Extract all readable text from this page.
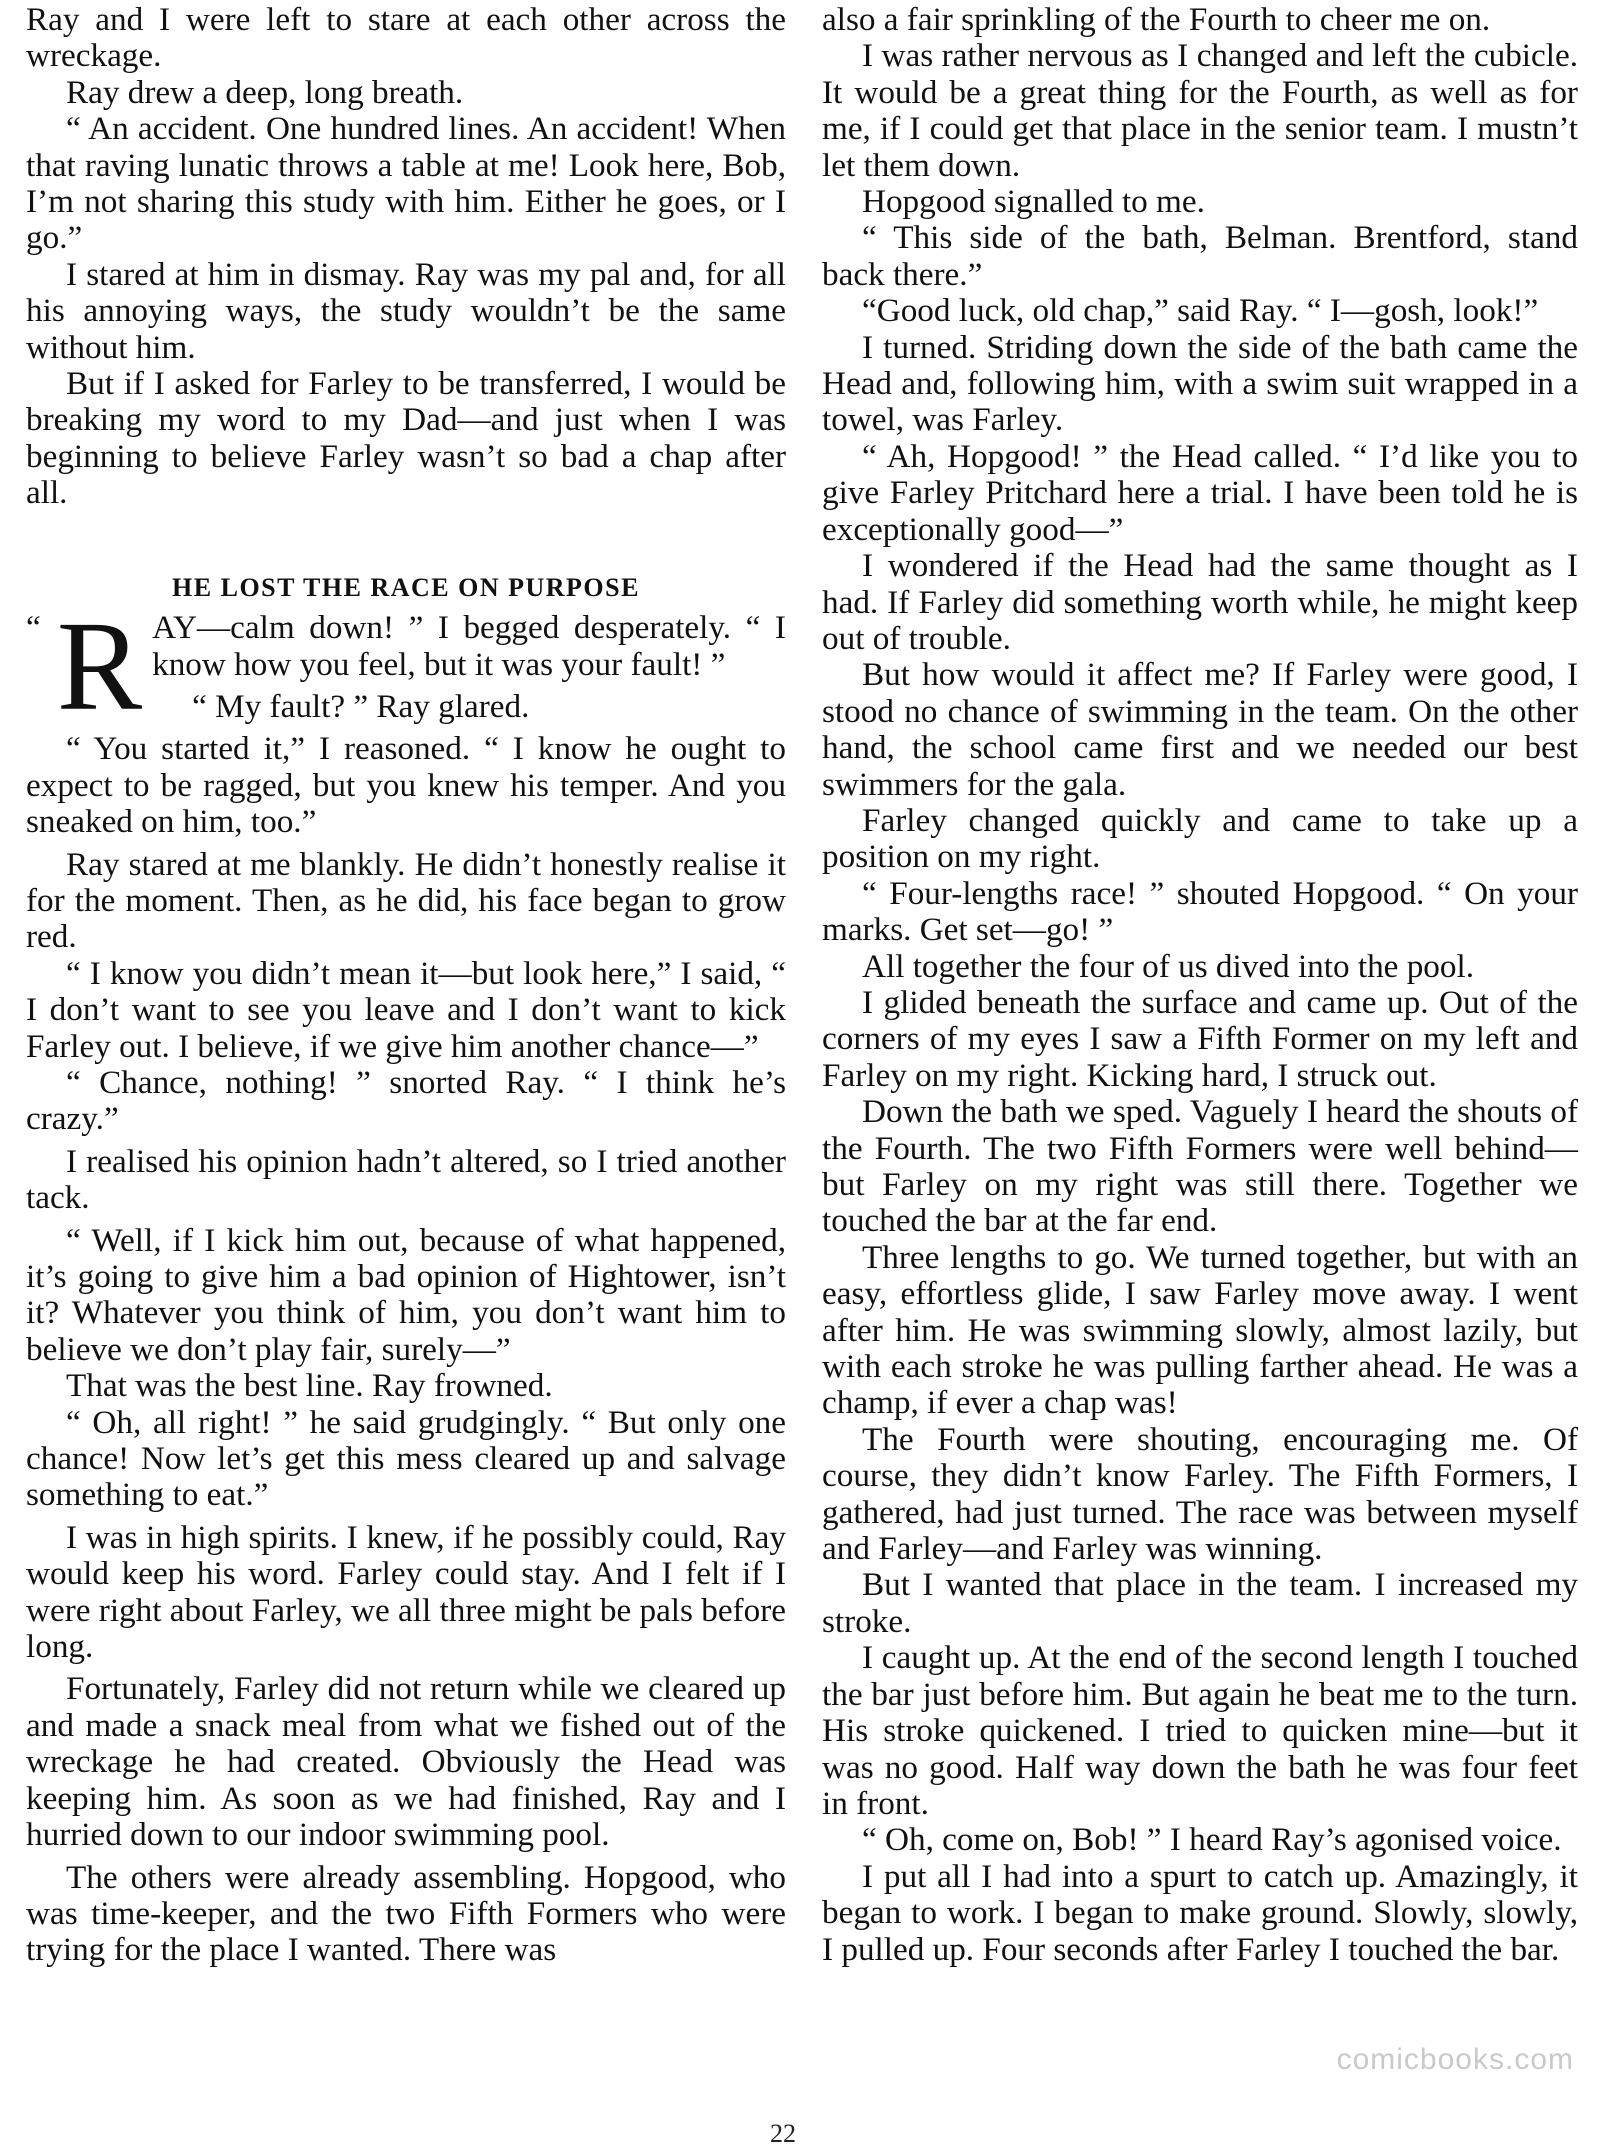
Ray and I were left to stare at each other across the wreckage.

Ray drew a deep, long breath.

“ An accident. One hundred lines. An accident! When that raving lunatic throws a table at me! Look here, Bob, I’m not sharing this study with him. Either he goes, or I go.”

I stared at him in dismay. Ray was my pal and, for all his annoying ways, the study wouldn’t be the same without him.

But if I asked for Farley to be transferred, I would be breaking my word to my Dad—and just when I was beginning to believe Farley wasn’t so bad a chap after all.

HE LOST THE RACE ON PURPOSE

“ R AY—calm down! ” I begged desperately. “ I know how you feel, but it was your fault! ”

“ My fault? ” Ray glared.

“ You started it,” I reasoned. “ I know he ought to expect to be ragged, but you knew his temper. And you sneaked on him, too.”

Ray stared at me blankly. He didn’t honestly realise it for the moment. Then, as he did, his face began to grow red.

“ I know you didn’t mean it—but look here,” I said, “ I don’t want to see you leave and I don’t want to kick Farley out. I believe, if we give him another chance—”

“ Chance, nothing! ” snorted Ray. “ I think he’s crazy.”

I realised his opinion hadn’t altered, so I tried another tack.

“ Well, if I kick him out, because of what happened, it’s going to give him a bad opinion of Hightower, isn’t it? Whatever you think of him, you don’t want him to believe we don’t play fair, surely—”

That was the best line. Ray frowned.

“ Oh, all right! ” he said grudgingly. “ But only one chance! Now let’s get this mess cleared up and salvage something to eat.”

I was in high spirits. I knew, if he possibly could, Ray would keep his word. Farley could stay. And I felt if I were right about Farley, we all three might be pals before long.

Fortunately, Farley did not return while we cleared up and made a snack meal from what we fished out of the wreckage he had created. Obviously the Head was keeping him. As soon as we had finished, Ray and I hurried down to our indoor swimming pool.

The others were already assembling. Hopgood, who was time-keeper, and the two Fifth Formers who were trying for the place I wanted. There was

also a fair sprinkling of the Fourth to cheer me on.

I was rather nervous as I changed and left the cubicle. It would be a great thing for the Fourth, as well as for me, if I could get that place in the senior team. I mustn’t let them down.

Hopgood signalled to me.

“ This side of the bath, Belman. Brentford, stand back there.”

“Good luck, old chap,” said Ray. “ I—gosh, look!”

I turned. Striding down the side of the bath came the Head and, following him, with a swim suit wrapped in a towel, was Farley.

“ Ah, Hopgood! ” the Head called. “ I’d like you to give Farley Pritchard here a trial. I have been told he is exceptionally good—”

I wondered if the Head had the same thought as I had. If Farley did something worth while, he might keep out of trouble.

But how would it affect me? If Farley were good, I stood no chance of swimming in the team. On the other hand, the school came first and we needed our best swimmers for the gala.

Farley changed quickly and came to take up a position on my right.

“ Four-lengths race! ” shouted Hopgood. “ On your marks. Get set—go! ”

All together the four of us dived into the pool.

I glided beneath the surface and came up. Out of the corners of my eyes I saw a Fifth Former on my left and Farley on my right. Kicking hard, I struck out.

Down the bath we sped. Vaguely I heard the shouts of the Fourth. The two Fifth Formers were well behind—but Farley on my right was still there. Together we touched the bar at the far end.

Three lengths to go. We turned together, but with an easy, effortless glide, I saw Farley move away. I went after him. He was swimming slowly, almost lazily, but with each stroke he was pulling farther ahead. He was a champ, if ever a chap was!

The Fourth were shouting, encouraging me. Of course, they didn’t know Farley. The Fifth Formers, I gathered, had just turned. The race was between myself and Farley—and Farley was winning.

But I wanted that place in the team. I increased my stroke.

I caught up. At the end of the second length I touched the bar just before him. But again he beat me to the turn. His stroke quickened. I tried to quicken mine—but it was no good. Half way down the bath he was four feet in front.

“ Oh, come on, Bob! ” I heard Ray’s agonised voice.

I put all I had into a spurt to catch up. Amazingly, it began to work. I began to make ground. Slowly, slowly, I pulled up. Four seconds after Farley I touched the bar.

comicbooks.com
22
